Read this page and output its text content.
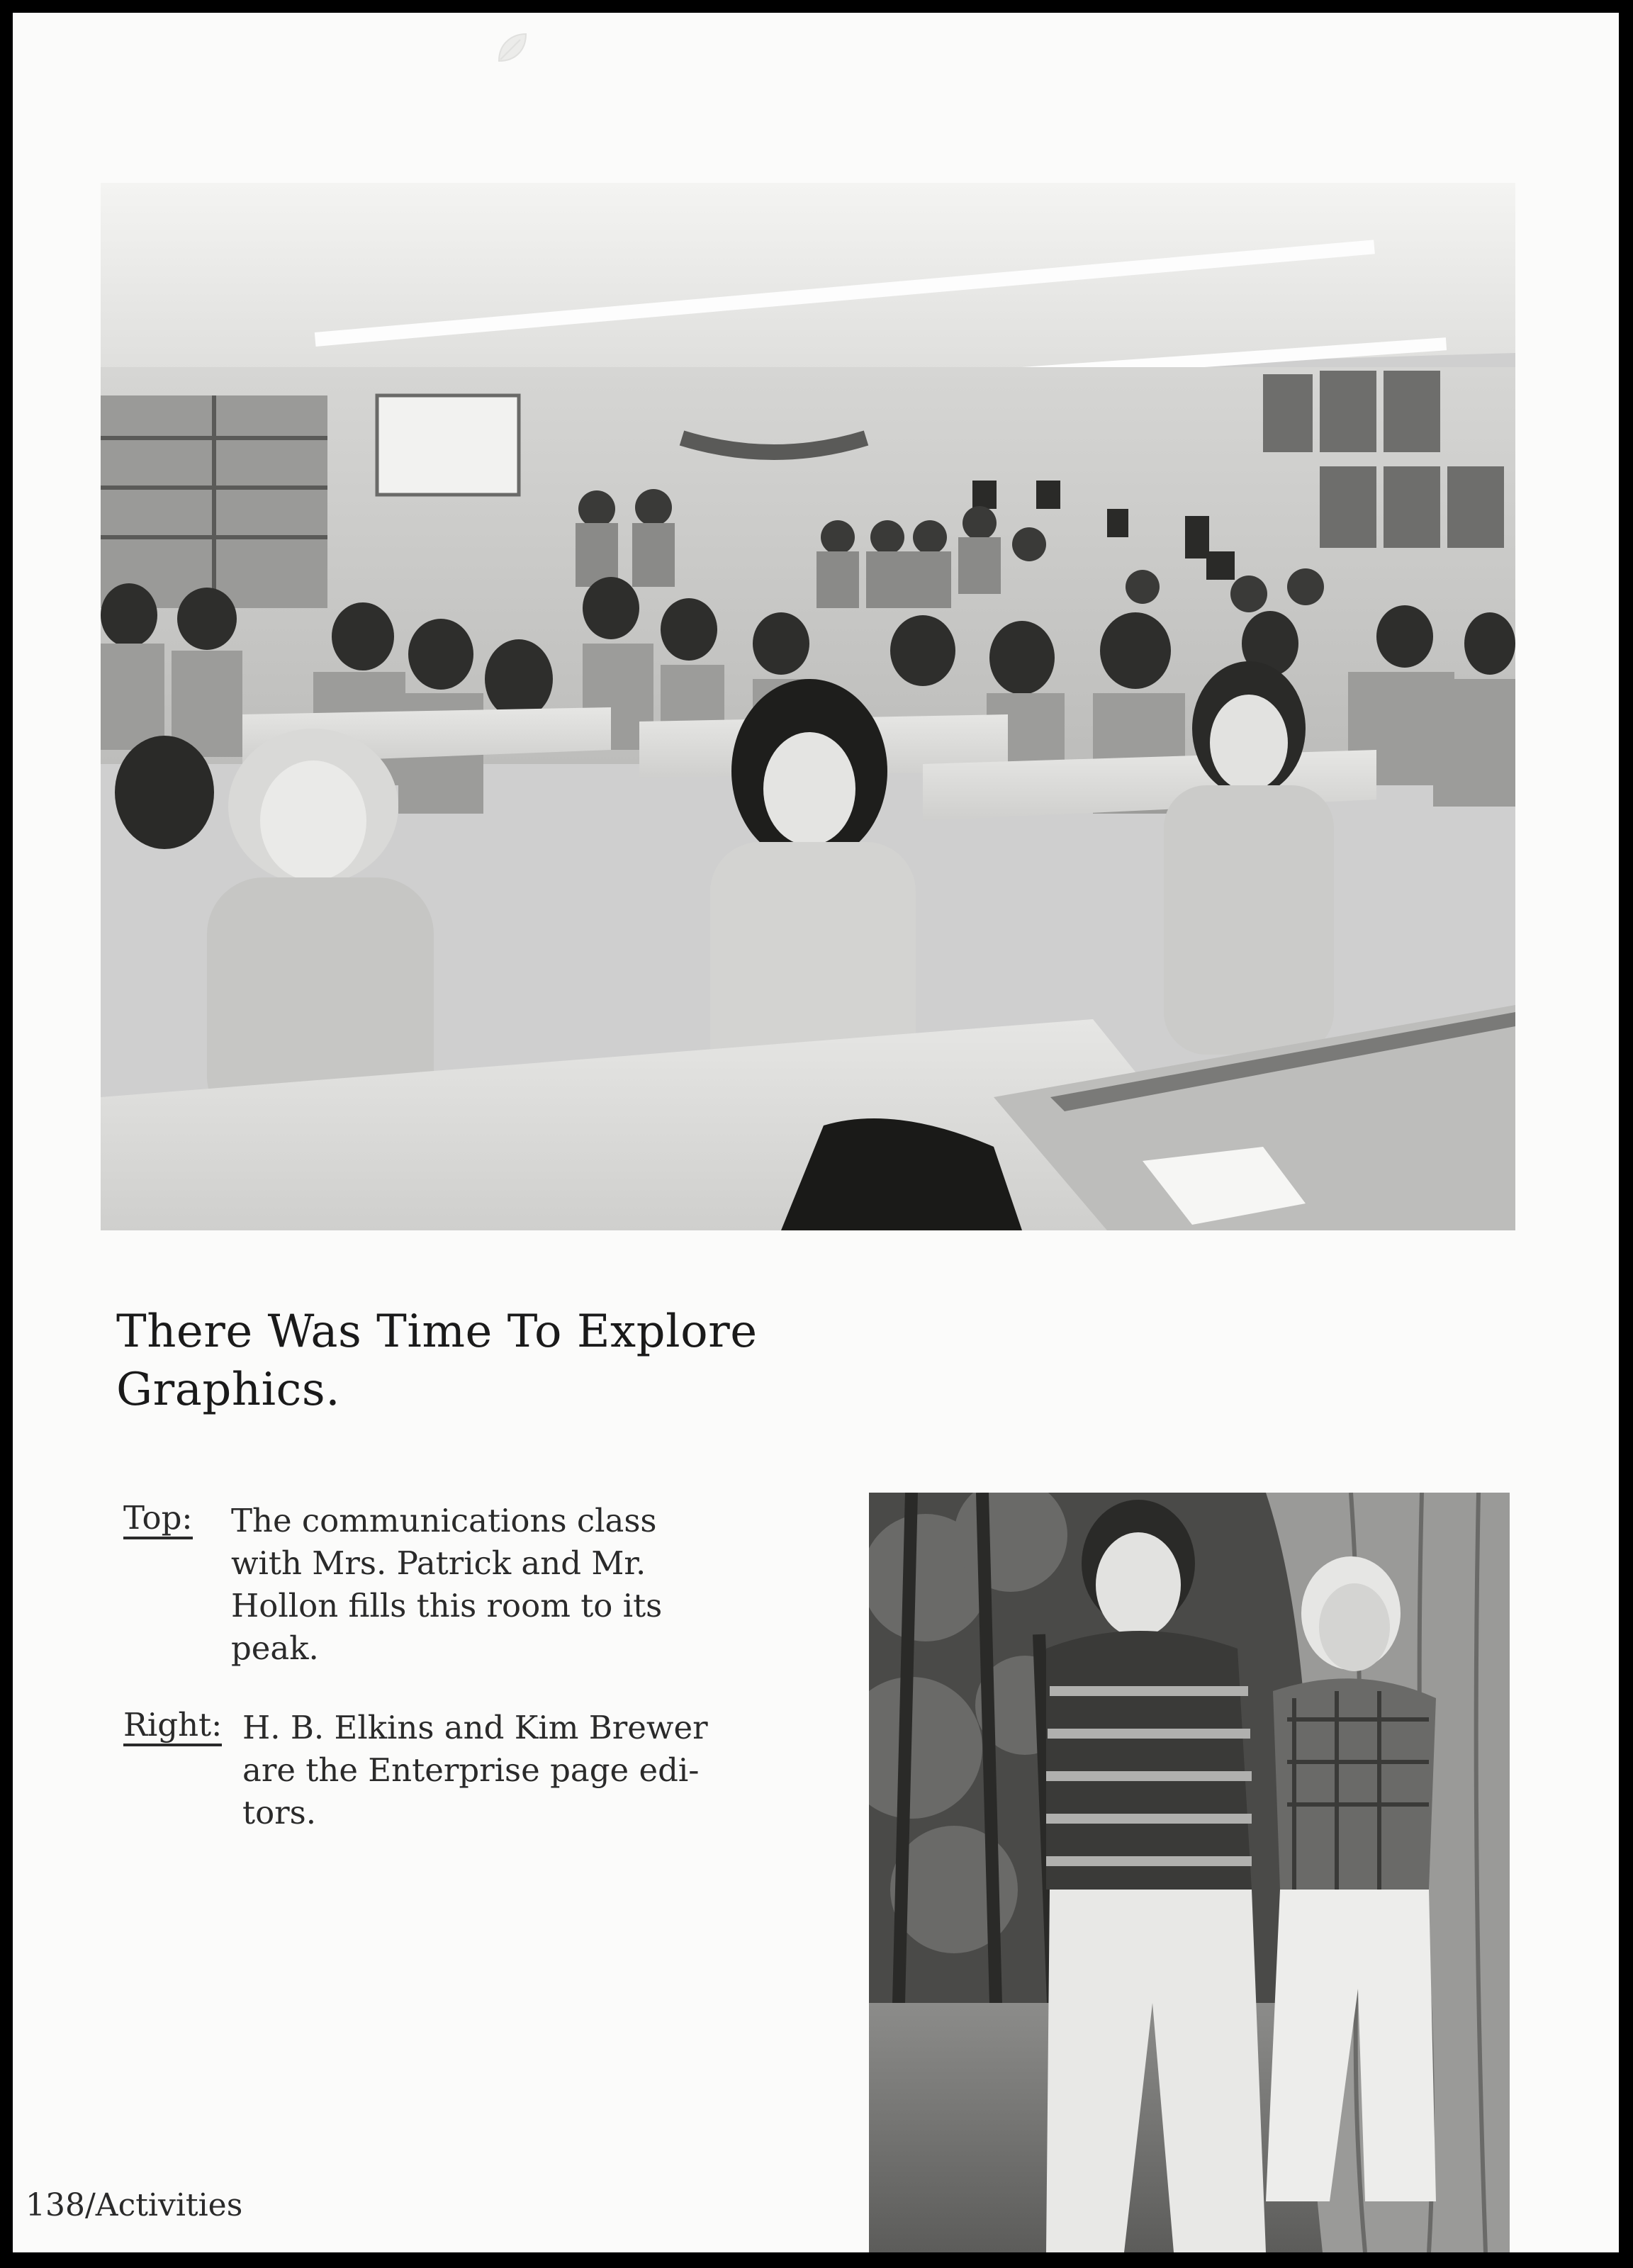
There Was Time To Explore
Graphics.
Top: The communications class
with Mrs. Patrick and Mr.
Hollon fills this room to its
peak.
Right: H. B. Elkins and Kim Brewer
are the Enterprise page edi-
tors.
138/Activities
